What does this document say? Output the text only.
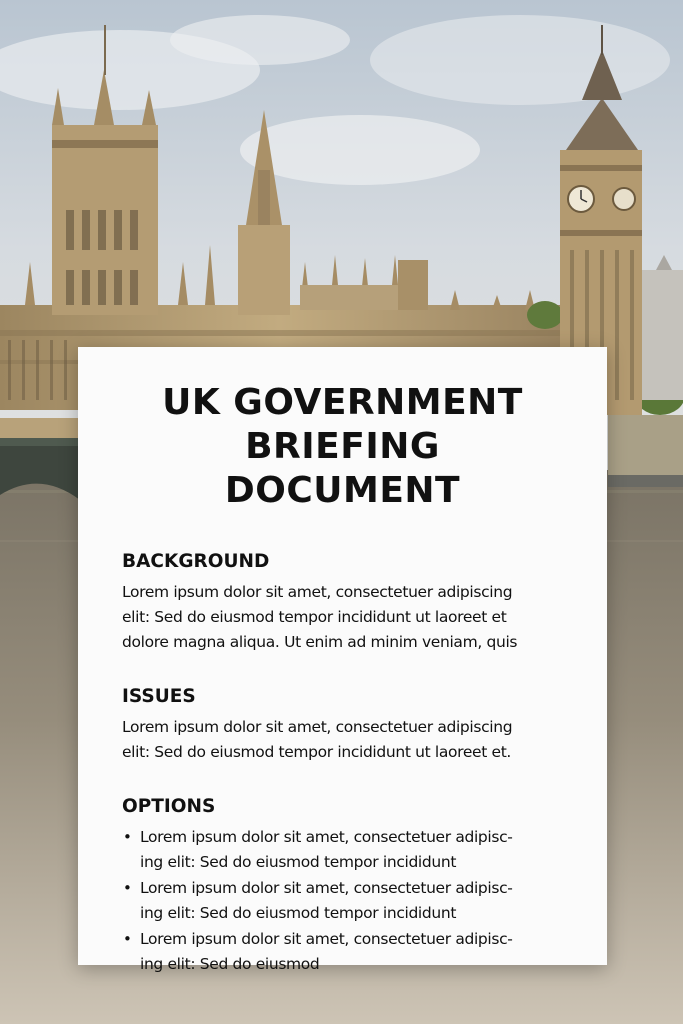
UK GOVERNMENT
BRIEFING DOCUMENT
BACKGROUND

Lorem ipsum dolor sit amet, consectetuer adipiscing
elit: Sed do eiusmod tempor incididunt ut laoreet et
dolore magna aliqua. Ut enim ad minim veniam, quis

ISSUES

Lorem ipsum dolor sit amet, consectetuer adipiscing
elit: Sed do eiusmod tempor incididunt ut laoreet et.

OPTIONS
• Lorem ipsum dolor sit amet, consectetuer adipisc-
ing elit: Sed do eiusmod tempor incididunt
• Lorem ipsum dolor sit amet, consectetuer adipisc-
ing elit: Sed do eiusmod tempor incididunt
• Lorem ipsum dolor sit amet, consectetuer adipisc-
ing elit: Sed do eiusmod
